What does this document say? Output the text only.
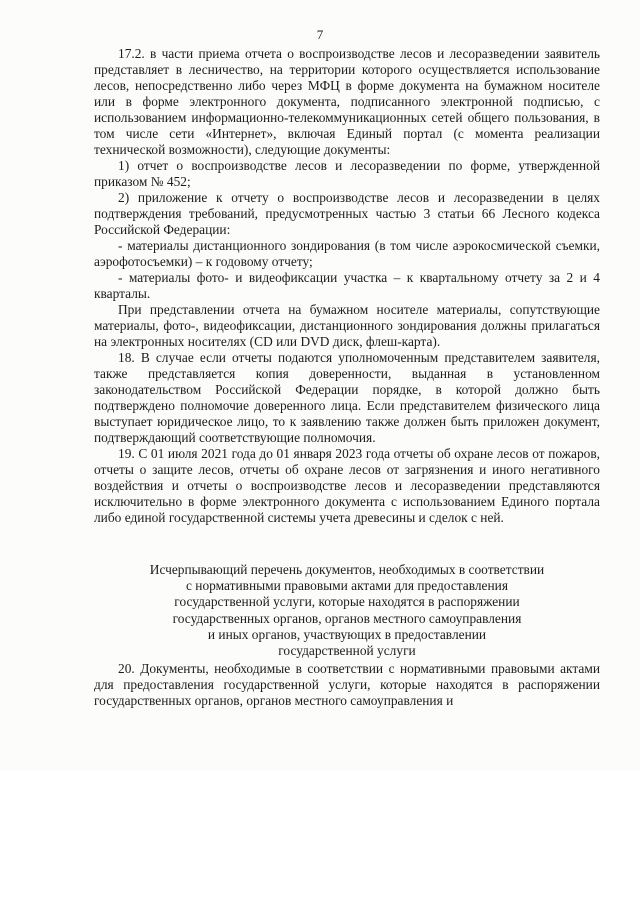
7

17.2. в части приема отчета о воспроизводстве лесов и лесоразведении заявитель представляет в лесничество, на территории которого осуществляется использование лесов, непосредственно либо через МФЦ в форме документа на бумажном носителе или в форме электронного документа, подписанного электронной подписью, с использованием информационно-телекоммуникационных сетей общего пользования, в том числе сети «Интернет», включая Единый портал (с момента реализации технической возможности), следующие документы:

1) отчет о воспроизводстве лесов и лесоразведении по форме, утвержденной приказом № 452;

2) приложение к отчету о воспроизводстве лесов и лесоразведении в целях подтверждения требований, предусмотренных частью 3 статьи 66 Лесного кодекса Российской Федерации:

- материалы дистанционного зондирования (в том числе аэрокосмической съемки, аэрофотосъемки) – к годовому отчету;

- материалы фото- и видеофиксации участка – к квартальному отчету за 2 и 4 кварталы.

При представлении отчета на бумажном носителе материалы, сопутствующие материалы, фото-, видеофиксации, дистанционного зондирования должны прилагаться на электронных носителях (CD или DVD диск, флеш-карта).

18. В случае если отчеты подаются уполномоченным представителем заявителя, также представляется копия доверенности, выданная в установленном законодательством Российской Федерации порядке, в которой должно быть подтверждено полномочие доверенного лица. Если представителем физического лица выступает юридическое лицо, то к заявлению также должен быть приложен документ, подтверждающий соответствующие полномочия.

19. С 01 июля 2021 года до 01 января 2023 года отчеты об охране лесов от пожаров, отчеты о защите лесов, отчеты об охране лесов от загрязнения и иного негативного воздействия и отчеты о воспроизводстве лесов и лесоразведении представляются исключительно в форме электронного документа с использованием Единого портала либо единой государственной системы учета древесины и сделок с ней.

Исчерпывающий перечень документов, необходимых в соответствии

с нормативными правовыми актами для предоставления

государственной услуги, которые находятся в распоряжении

государственных органов, органов местного самоуправления

и иных органов, участвующих в предоставлении

государственной услуги

20. Документы, необходимые в соответствии с нормативными правовыми актами для предоставления государственной услуги, которые находятся в распоряжении государственных органов, органов местного самоуправления и
